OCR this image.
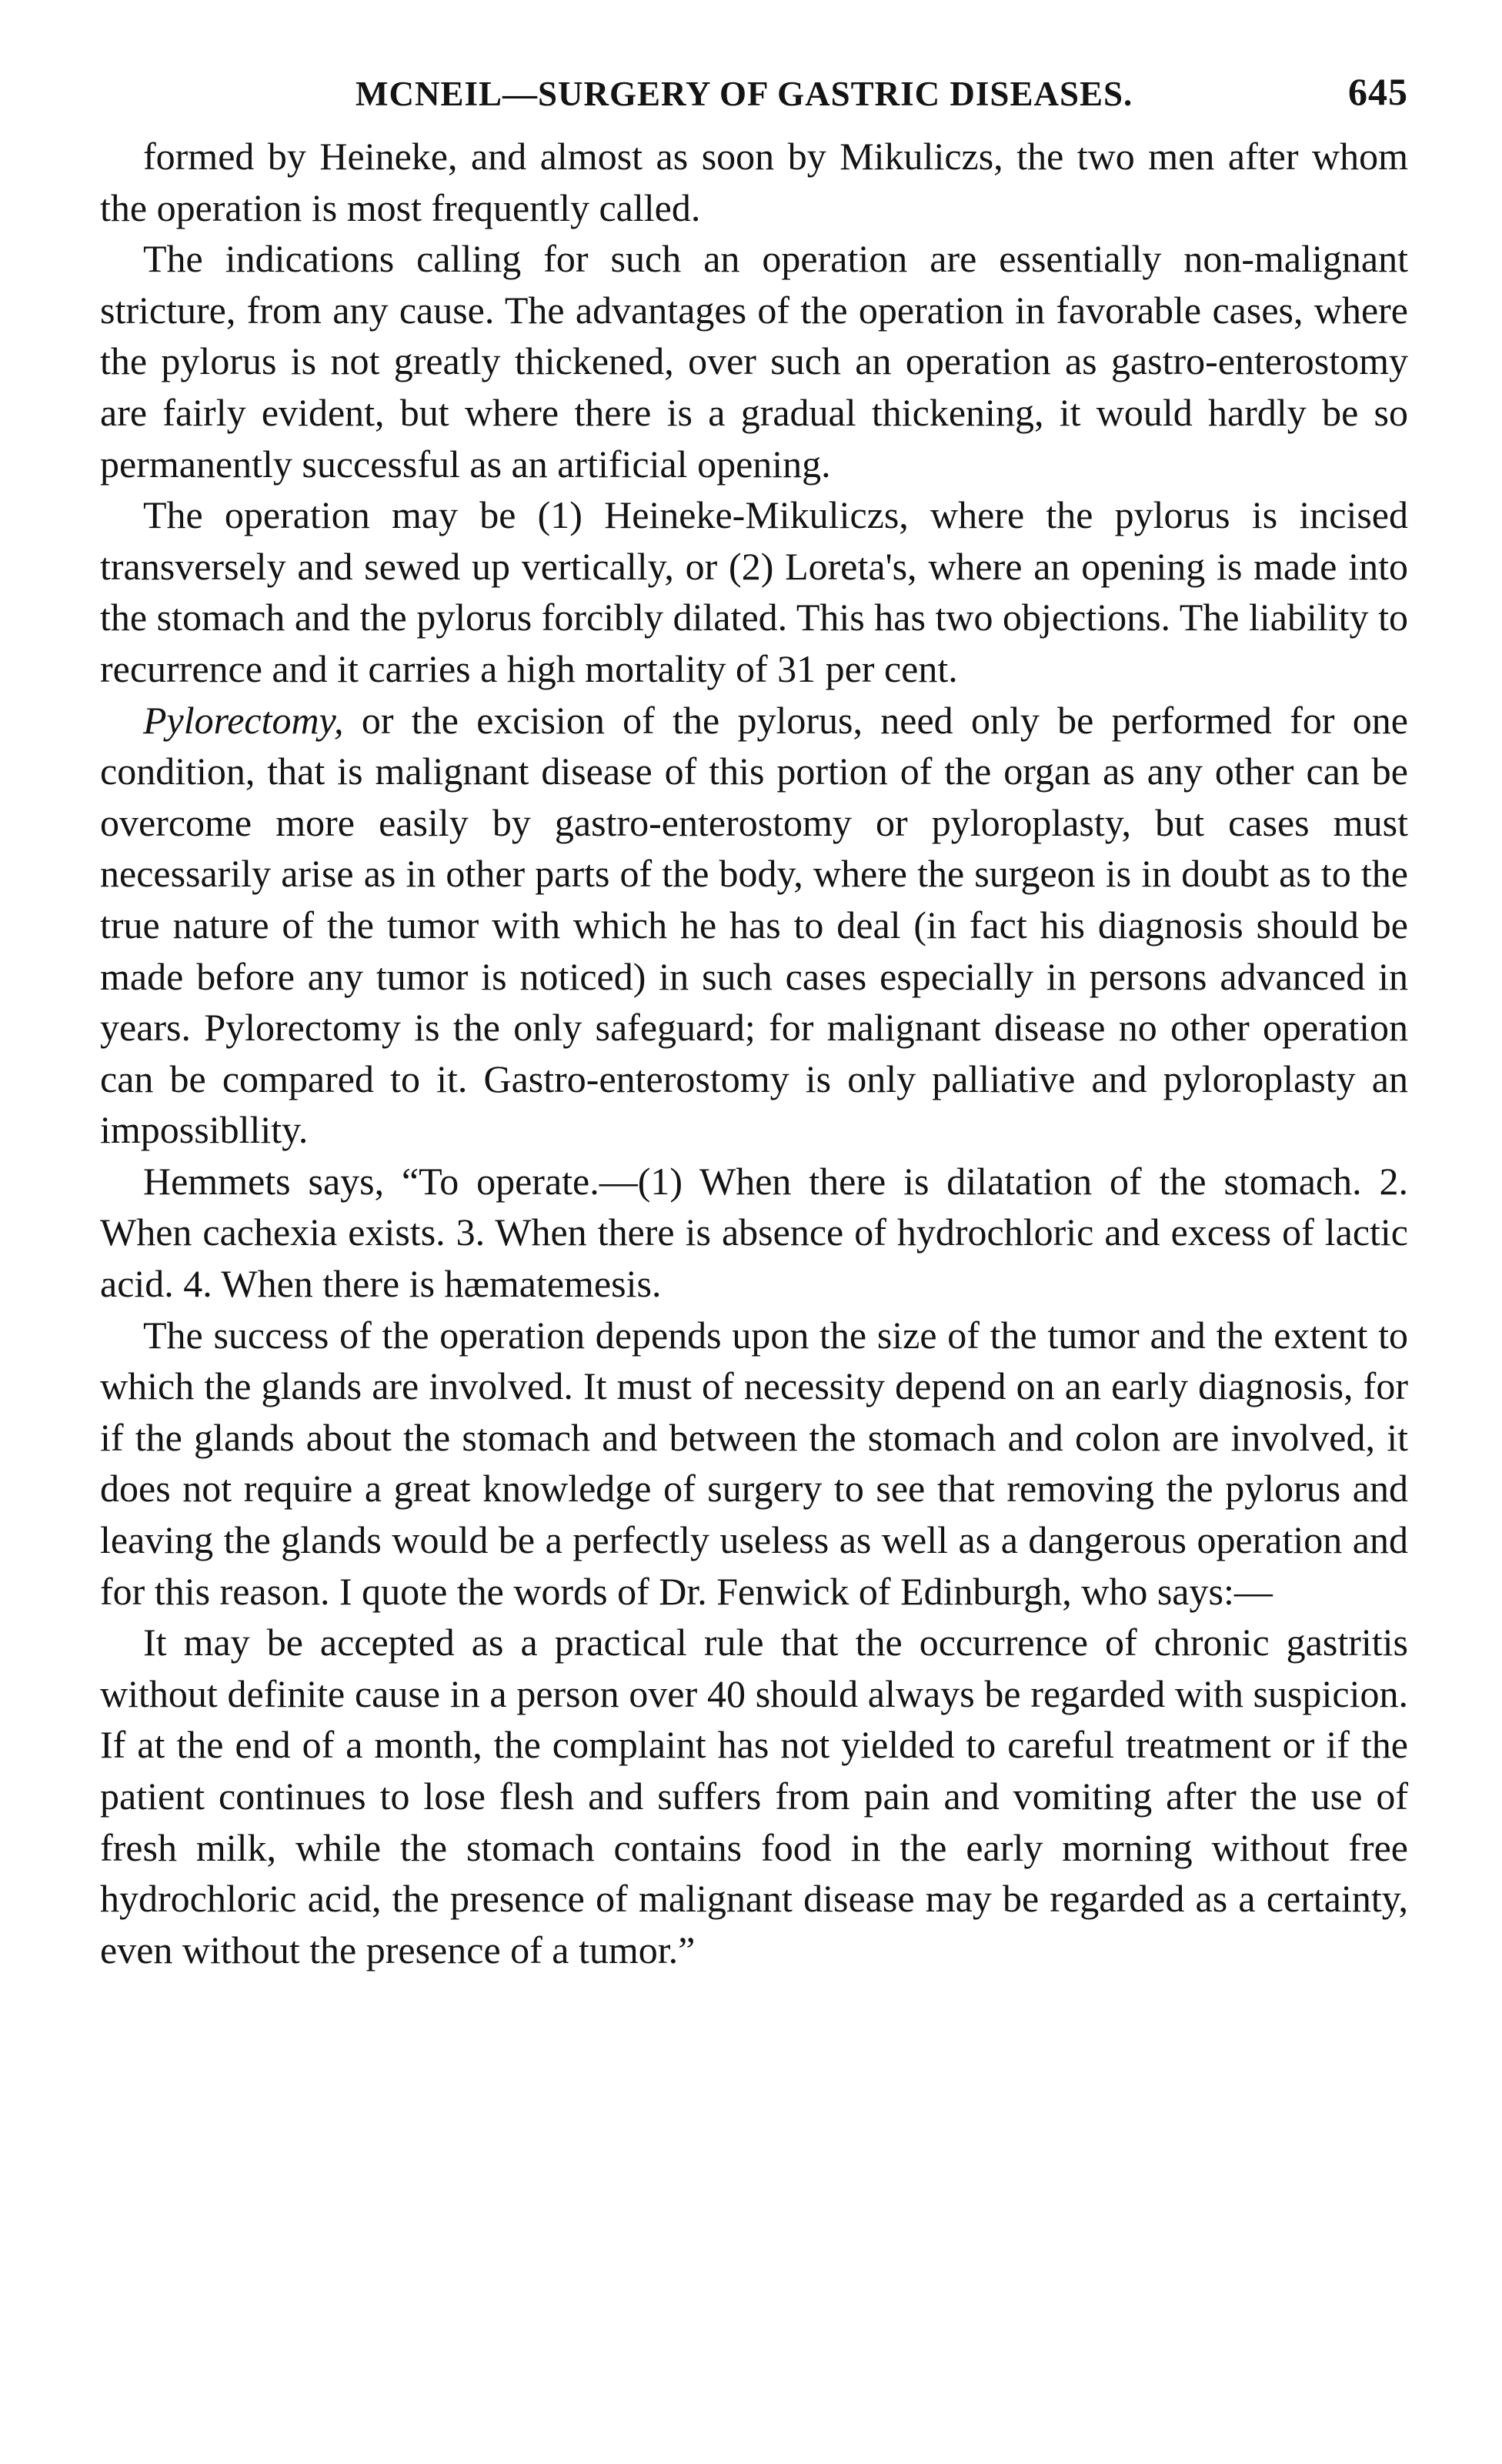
MCNEIL—SURGERY OF GASTRIC DISEASES.	645

formed by Heineke, and almost as soon by Mikuliczs, the two men after whom the operation is most frequently called.

The indications calling for such an operation are essentially non-malignant stricture, from any cause. The advantages of the operation in favorable cases, where the pylorus is not greatly thickened, over such an operation as gastro-enterostomy are fairly evident, but where there is a gradual thickening, it would hardly be so permanently successful as an artificial opening.

The operation may be (1) Heineke-Mikuliczs, where the pylorus is incised transversely and sewed up vertically, or (2) Loreta's, where an opening is made into the stomach and the pylorus forcibly dilated. This has two objections. The liability to recurrence and it carries a high mortality of 31 per cent.

Pylorectomy, or the excision of the pylorus, need only be performed for one condition, that is malignant disease of this portion of the organ as any other can be overcome more easily by gastro-enterostomy or pyloroplasty, but cases must necessarily arise as in other parts of the body, where the surgeon is in doubt as to the true nature of the tumor with which he has to deal (in fact his diagnosis should be made before any tumor is noticed) in such cases especially in persons advanced in years. Pylorectomy is the only safeguard; for malignant disease no other operation can be compared to it. Gastro-enterostomy is only palliative and pyloroplasty an impossibllity.

Hemmets says, “To operate.—(1) When there is dilatation of the stomach. 2. When cachexia exists. 3. When there is absence of hydrochloric and excess of lactic acid. 4. When there is hæmatemesis.

The success of the operation depends upon the size of the tumor and the extent to which the glands are involved. It must of necessity depend on an early diagnosis, for if the glands about the stomach and between the stomach and colon are involved, it does not require a great knowledge of surgery to see that removing the pylorus and leaving the glands would be a perfectly useless as well as a dangerous operation and for this reason. I quote the words of Dr. Fenwick of Edinburgh, who says:—

It may be accepted as a practical rule that the occurrence of chronic gastritis without definite cause in a person over 40 should always be regarded with suspicion. If at the end of a month, the complaint has not yielded to careful treatment or if the patient continues to lose flesh and suffers from pain and vomiting after the use of fresh milk, while the stomach contains food in the early morning without free hydrochloric acid, the presence of malignant disease may be regarded as a certainty, even without the presence of a tumor.”
